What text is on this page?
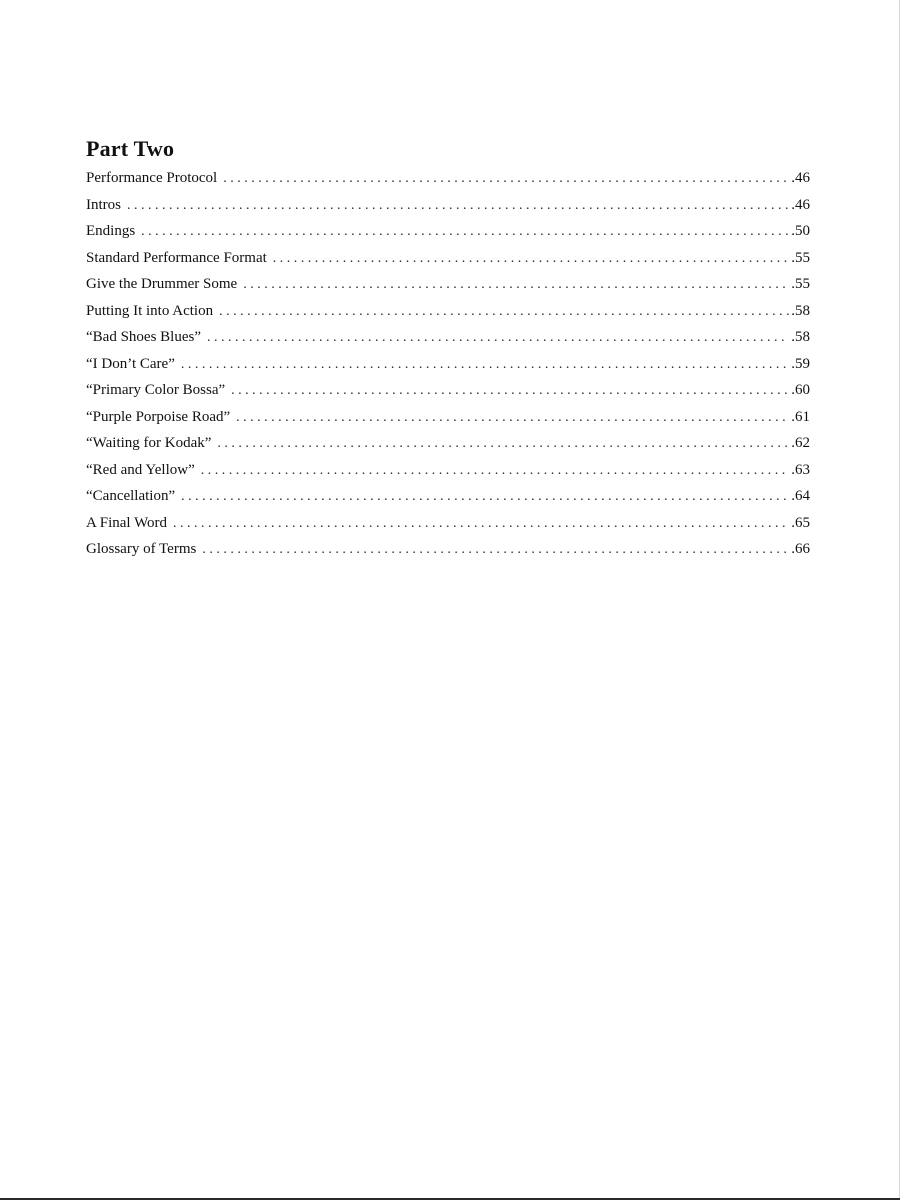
Part Two
Performance Protocol . . .	.46
Intros . . .	.46
Endings . . .	.50
Standard Performance Format . . .	.55
Give the Drummer Some . . .	.55
Putting It into Action . . .	.58
“Bad Shoes Blues” . . .	.58
“I Don’t Care” . . .	.59
“Primary Color Bossa” . . .	.60
“Purple Porpoise Road” . . .	.61
“Waiting for Kodak” . . .	.62
“Red and Yellow” . . .	.63
“Cancellation” . . .	.64
A Final Word . . .	.65
Glossary of Terms . . .	.66
